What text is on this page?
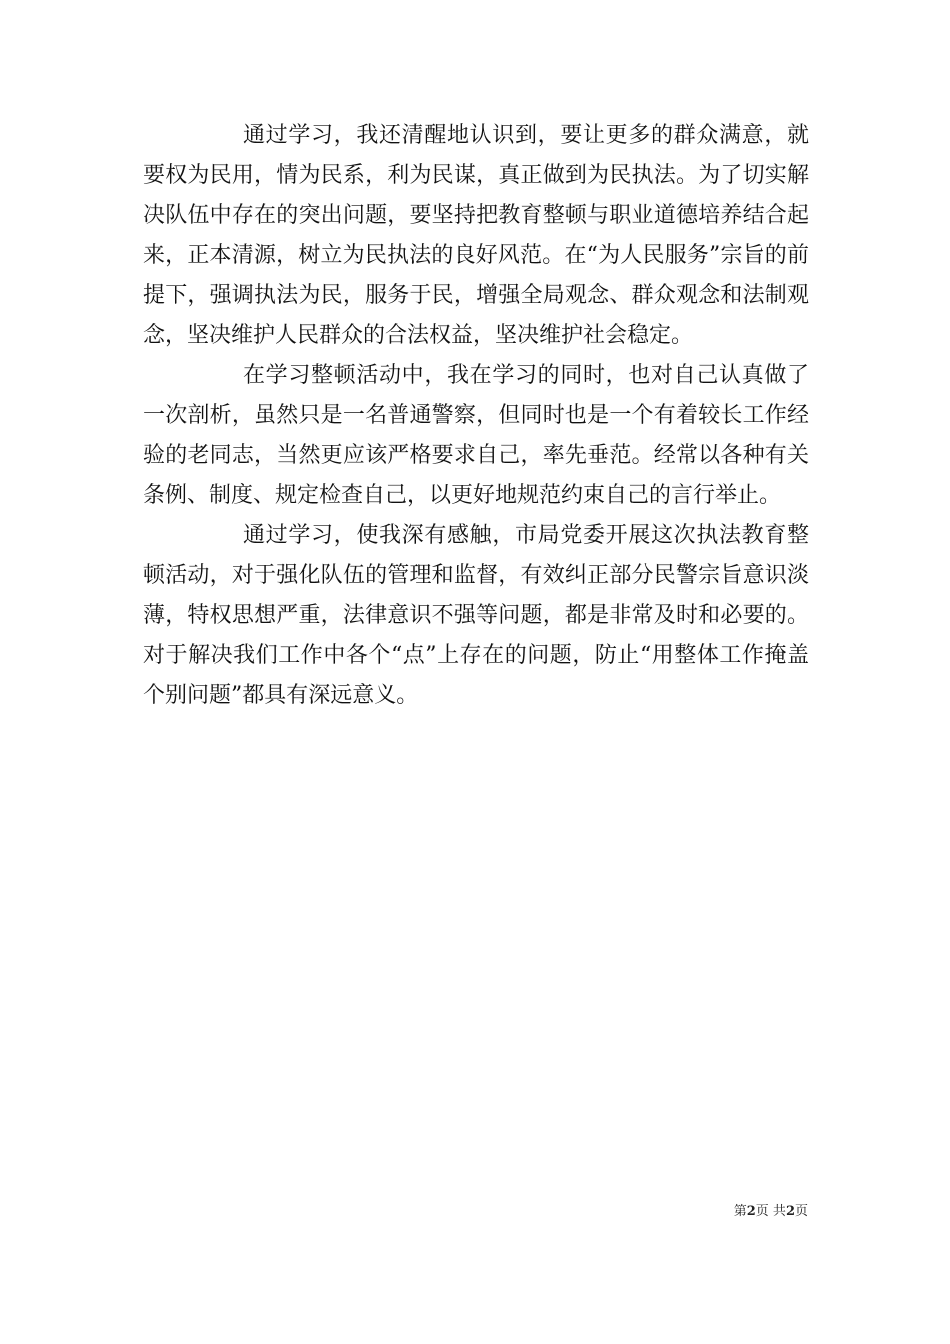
通过学习，我还清醒地认识到，要让更多的群众满意，就要权为民用，情为民系，利为民谋，真正做到为民执法。为了切实解决队伍中存在的突出问题，要坚持把教育整顿与职业道德培养结合起来，正本清源，树立为民执法的良好风范。在“为人民服务”宗旨的前提下，强调执法为民，服务于民，增强全局观念、群众观念和法制观念，坚决维护人民群众的合法权益，坚决维护社会稳定。

在学习整顿活动中，我在学习的同时，也对自己认真做了一次剖析，虽然只是一名普通警察，但同时也是一个有着较长工作经验的老同志，当然更应该严格要求自己，率先垂范。经常以各种有关条例、制度、规定检查自己，以更好地规范约束自己的言行举止。

通过学习，使我深有感触，市局党委开展这次执法教育整顿活动，对于强化队伍的管理和监督，有效纠正部分民警宗旨意识淡薄，特权思想严重，法律意识不强等问题，都是非常及时和必要的。对于解决我们工作中各个“点”上存在的问题，防止“用整体工作掩盖个别问题”都具有深远意义。

第2页 共2页
